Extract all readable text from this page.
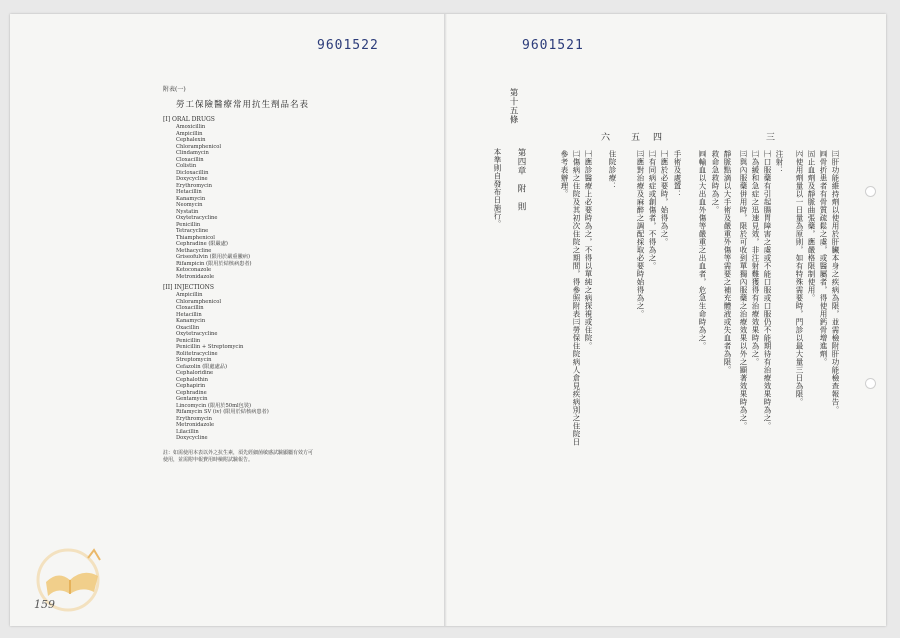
9601522	9601521
附表(一)
勞工保險醫療常用抗生劑品名表
[I] ORAL DRUGS
Amoxicillin
Ampicillin
Cephalexin
Chloramphenicol
Clindamycin
Cloxacillin
Colistin
Dicloxacillin
Doxycycline
Erythromycin
Hetacillin
Kanamycin
Neomycin
Nystatin
Oxytetracycline
Penicillin
Tetracycline
Thiamphenicol
Cephradine (限嚴處)
Methacycline
Griseofulvin (限用於嚴重黴病)
Rifampicin (限用於結核病患者)
Ketoconazole
Metronidazole
[II] INJECTIONS
Ampicillin
Chloramphenicol
Cloxacillin
Hetacillin
Kanamycin
Oxacillin
Oxytetracycline
Penicillin
Penicillin + Streptomycin
Rolitetracycline
Streptomycin
Cefazolin (限處處品)
Cephaloridine
Cephalothin
Cephapirin
Cephradine
Gentamycin
Lincomycin (限用於50ml包裝)
Rifamycin SV (iv) (限用於結核病患者)
Erythromycin
Metronidazole
Lilacillin
Doxycycline
註：如需使用本表以外之抗生素，須先經細菌敏感試驗顯屬有效方可使用，並需附申報費用時檢附試驗報告。
159
第十五條
本準則自發布日施行。 第四章　附　則
三
四
五
六
㈢肝功能維持劑以使用於肝臟本身之疾病為限，並需檢附肝功能檢查報告。
㈣骨折患者有骨質疏鬆之虞，或醫屬者，得使用鈣骨增進劑。
㈤止血劑及靜脈曲張藥，應嚴格限制使用。
㈥使用劑量以一日量為原則，如有特殊需要時，門診以最大量三日為限。
注射：
㈠口服藥有引起腸胃障害之虞或不能口服或口服仍不能期待有治療效果時為之。
㈡為緩和急症之迅速見效，非注射難獲得有治療效果時為之。
㈢與內服藥併用時，限於可收到單獨內服藥之治療效果以外之顯著效果時為之。
靜脈點滴以大手術及嚴重外傷等需要之補充體液或失血者為限。
救命急救時為之。
㈣輸血以大出血外傷等嚴重之出血者，危急生命時為之。
手術及處置：
㈠應於必要時，始得為之。
㈡有同病症或創傷者，不得為之。
㈢應對治療及麻醉之調配採取必要時始得為之。
住院診療：
㈠應診醫療上必要時為之，不得以單純之病探視或住院。
㈡傷病之住院及其初次住院之期間，得參照附表㈢勞保住院病人倉見疾病別之住院日
參考表辦理。
